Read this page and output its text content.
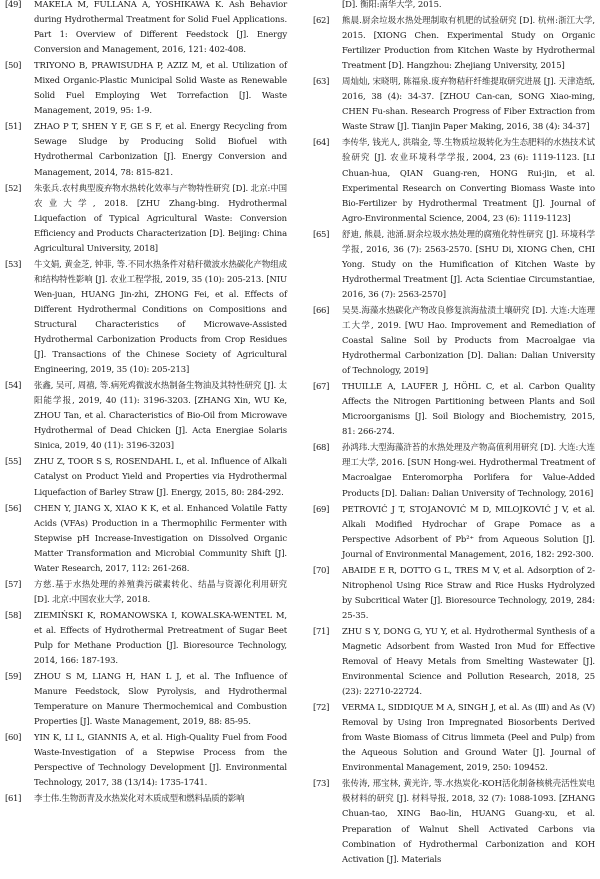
[49]	MÄKELÄ M, FULLANA A, YOSHIKAWA K. Ash Behavior during Hydrothermal Treatment for Solid Fuel Applications. Part 1: Overview of Different Feedstock [J]. Energy Conversion and Management, 2016, 121: 402-408.
[50]	TRIYONO B, PRAWISUDHA P, AZIZ M, et al. Utilization of Mixed Organic-Plastic Municipal Solid Waste as Renewable Solid Fuel Employing Wet Torrefaction [J]. Waste Management, 2019, 95: 1-9.
[51]	ZHAO P T, SHEN Y F, GE S F, et al. Energy Recycling from Sewage Sludge by Producing Solid Biofuel with Hydrothermal Carbonization [J]. Energy Conversion and Management, 2014, 78: 815-821.
[52]	朱张兵.农村典型废弃物水热转化效率与产物特性研究 [D]. 北京:中国农业大学, 2018. [ZHU Zhang-bing. Hydrothermal Liquefaction of Typical Agricultural Waste: Conversion Efficiency and Products Characterization [D]. Beijing: China Agricultural University, 2018]
[53]	牛文娟, 黄金芝, 钟菲, 等.不同水热条件对秸秆微波水热碳化产物组成和结构特性影响 [J]. 农业工程学报, 2019, 35 (10): 205-213. [NIU Wen-juan, HUANG Jin-zhi, ZHONG Fei, et al. Effects of Different Hydrothermal Conditions on Compositions and Structural Characteristics of Microwave-Assisted Hydrothermal Carbonization Products from Crop Residues [J]. Transactions of the Chinese Society of Agricultural Engineering, 2019, 35 (10): 205-213]
[54]	张鑫, 吴可, 周禧, 等.病死鸡微波水热制备生物油及其特性研究 [J]. 太阳能学报, 2019, 40 (11): 3196-3203. [ZHANG Xin, WU Ke, ZHOU Tan, et al. Characteristics of Bio-Oil from Microwave Hydrothermal of Dead Chicken [J]. Acta Energiae Solaris Sinica, 2019, 40 (11): 3196-3203]
[55]	ZHU Z, TOOR S S, ROSENDAHL L, et al. Influence of Alkali Catalyst on Product Yield and Properties via Hydrothermal Liquefaction of Barley Straw [J]. Energy, 2015, 80: 284-292.
[56]	CHEN Y, JIANG X, XIAO K K, et al. Enhanced Volatile Fatty Acids (VFAs) Production in a Thermophilic Fermenter with Stepwise pH Increase-Investigation on Dissolved Organic Matter Transformation and Microbial Community Shift [J]. Water Research, 2017, 112: 261-268.
[57]	方慈.基于水热处理的养殖粪污碳素转化、结晶与资源化利用研究 [D]. 北京:中国农业大学, 2018.
[58]	ZIEMIŃSKI K, ROMANOWSKA I, KOWALSKA-WENTEL M, et al. Effects of Hydrothermal Pretreatment of Sugar Beet Pulp for Methane Production [J]. Bioresource Technology, 2014, 166: 187-193.
[59]	ZHOU S M, LIANG H, HAN L J, et al. The Influence of Manure Feedstock, Slow Pyrolysis, and Hydrothermal Temperature on Manure Thermochemical and Combustion Properties [J]. Waste Management, 2019, 88: 85-95.
[60]	YIN K, LI L, GIANNIS A, et al. High-Quality Fuel from Food Waste-Investigation of a Stepwise Process from the Perspective of Technology Development [J]. Environmental Technology, 2017, 38 (13/14): 1735-1741.
[61]	李士伟.生物沥青及水热炭化对木质成型和燃料品质的影响
[D]. 衡阳:南华大学, 2015.
[62]	熊晨.厨余垃圾水热处理制取有机肥的试验研究 [D]. 杭州:浙江大学, 2015. [XIONG Chen. Experimental Study on Organic Fertilizer Production from Kitchen Waste by Hydrothermal Treatment [D]. Hangzhou: Zhejiang University, 2015]
[63]	周灿灿, 宋晓明, 陈福泉.废弃物秸秆纤维提取研究进展 [J]. 天津造纸, 2016, 38 (4): 34-37. [ZHOU Can-can, SONG Xiao-ming, CHEN Fu-shan. Research Progress of Fiber Extraction from Waste Straw [J]. Tianjin Paper Making, 2016, 38 (4): 34-37]
[64]	李传华, 钱光人, 洪瑞金, 等.生物质垃圾转化为生态肥料的水热技术试验研究 [J]. 农业环境科学学报, 2004, 23 (6): 1119-1123. [LI Chuan-hua, QIAN Guang-ren, HONG Rui-jin, et al. Experimental Research on Converting Biomass Waste into Bio-Fertilizer by Hydrothermal Treatment [J]. Journal of Agro-Environmental Science, 2004, 23 (6): 1119-1123]
[65]	舒迪, 熊晨, 池涌.厨余垃圾水热处理的腐殖化特性研究 [J]. 环境科学学报, 2016, 36 (7): 2563-2570. [SHU Di, XIONG Chen, CHI Yong. Study on the Humification of Kitchen Waste by Hydrothermal Treatment [J]. Acta Scientiae Circumstantiae, 2016, 36 (7): 2563-2570]
[66]	吴昊.海藻水热碳化产物改良修复滨海盐渍土壤研究 [D]. 大连:大连理工大学, 2019. [WU Hao. Improvement and Remediation of Coastal Saline Soil by Products from Macroalgae via Hydrothermal Carbonization [D]. Dalian: Dalian University of Technology, 2019]
[67]	THUILLE A, LAUFER J, HÖHL C, et al. Carbon Quality Affects the Nitrogen Partitioning between Plants and Soil Microorganisms [J]. Soil Biology and Biochemistry, 2015, 81: 266-274.
[68]	孙鸿玮.大型海藻浒苔的水热处理及产物高值利用研究 [D]. 大连:大连理工大学, 2016. [SUN Hong-wei. Hydrothermal Treatment of Macroalgae Enteromorpha Porlifera for Value-Added Products [D]. Dalian: Dalian University of Technology, 2016]
[69]	PETROVIĆ J T, STOJANOVIĆ M D, MILOJKOVIĆ J V, et al. Alkali Modified Hydrochar of Grape Pomace as a Perspective Adsorbent of Pb²⁺ from Aqueous Solution [J]. Journal of Environmental Management, 2016, 182: 292-300.
[70]	ABAIDE E R, DOTTO G L, TRES M V, et al. Adsorption of 2-Nitrophenol Using Rice Straw and Rice Husks Hydrolyzed by Subcritical Water [J]. Bioresource Technology, 2019, 284: 25-35.
[71]	ZHU S Y, DONG G, YU Y, et al. Hydrothermal Synthesis of a Magnetic Adsorbent from Wasted Iron Mud for Effective Removal of Heavy Metals from Smelting Wastewater [J]. Environmental Science and Pollution Research, 2018, 25 (23): 22710-22724.
[72]	VERMA L, SIDDIQUE M A, SINGH J, et al. As (Ⅲ) and As (Ⅴ) Removal by Using Iron Impregnated Biosorbents Derived from Waste Biomass of Citrus limmeta (Peel and Pulp) from the Aqueous Solution and Ground Water [J]. Journal of Environmental Management, 2019, 250: 109452.
[73]	张传涛, 邢宝林, 黄光许, 等.水热炭化-KOH活化制备核桃壳活性炭电极材料的研究 [J]. 材料导报, 2018, 32 (7): 1088-1093. [ZHANG Chuan-tao, XING Bao-lin, HUANG Guang-xu, et al. Preparation of Walnut Shell Activated Carbons via Combination of Hydrothermal Carbonization and KOH Activation [J]. Materials
